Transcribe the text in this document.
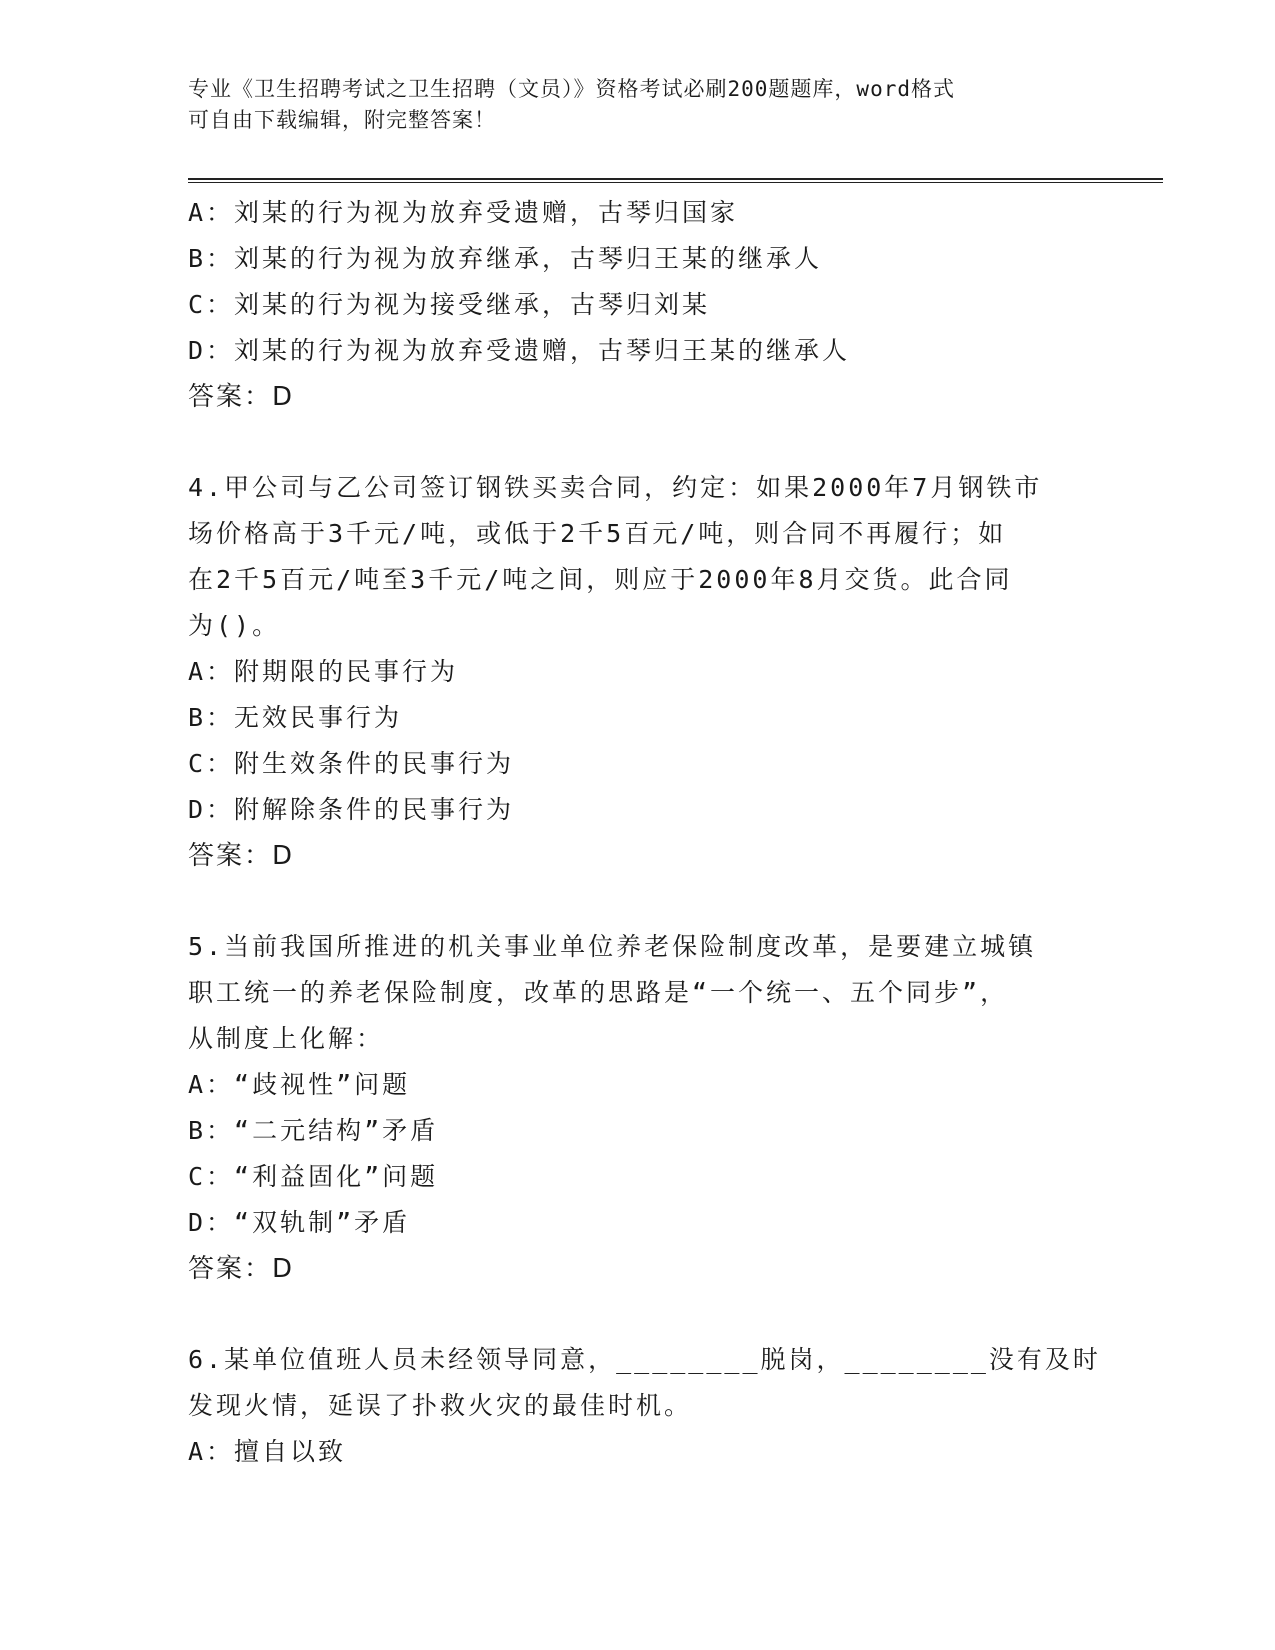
专业《卫生招聘考试之卫生招聘（文员）》资格考试必刷200题题库，word格式
可自由下载编辑，附完整答案！
A：刘某的行为视为放弃受遗赠，古琴归国家
B：刘某的行为视为放弃继承，古琴归王某的继承人
C：刘某的行为视为接受继承，古琴归刘某
D：刘某的行为视为放弃受遗赠，古琴归王某的继承人
答案：D
4.甲公司与乙公司签订钢铁买卖合同，约定：如果2000年7月钢铁市
场价格高于3千元/吨，或低于2千5百元/吨，则合同不再履行；如
在2千5百元/吨至3千元/吨之间，则应于2000年8月交货。此合同
为()。
A：附期限的民事行为
B：无效民事行为
C：附生效条件的民事行为
D：附解除条件的民事行为
答案：D
5.当前我国所推进的机关事业单位养老保险制度改革，是要建立城镇
职工统一的养老保险制度，改革的思路是“一个统一、五个同步”，
从制度上化解：
A：“歧视性”问题
B：“二元结构”矛盾
C：“利益固化”问题
D：“双轨制”矛盾
答案：D
6.某单位值班人员未经领导同意，________脱岗，________没有及时
发现火情，延误了扑救火灾的最佳时机。
A：擅自以致
